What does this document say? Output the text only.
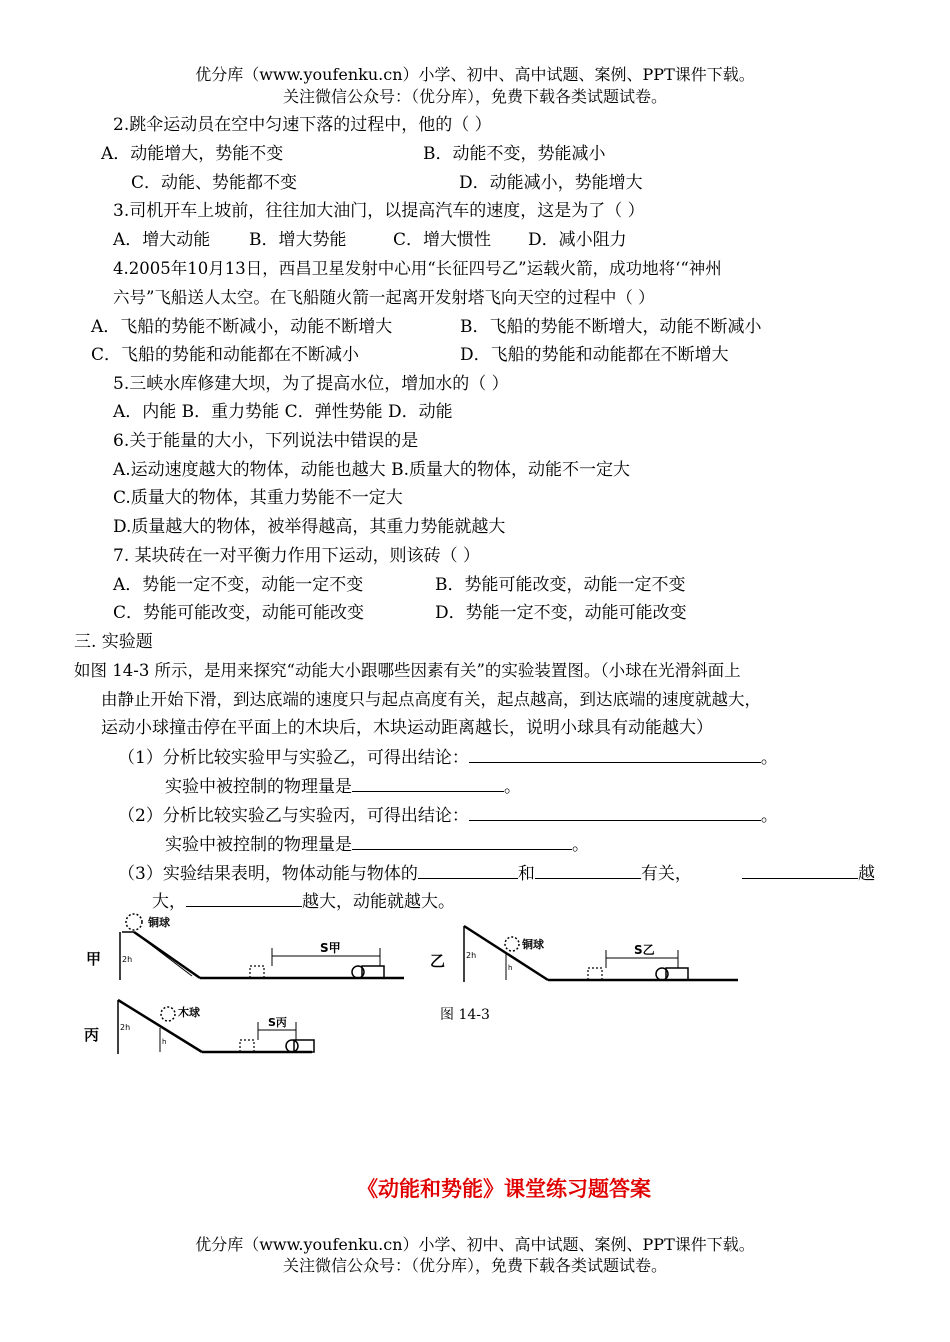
优分库（www.youfenku.cn）小学、初中、高中试题、案例、PPT课件下载。
关注微信公众号：（优分库），免费下载各类试题试卷。
2.跳伞运动员在空中匀速下落的过程中，他的（ ）
A．动能增大，势能不变	B．动能不变，势能减小
C．动能、势能都不变	D．动能减小，势能增大
3.司机开车上坡前，往往加大油门，以提高汽车的速度，这是为了（ ）
A．增大动能 B．增大势能	C．增大惯性 D．减小阻力
4.2005年10月13日，西昌卫星发射中心用“长征四号乙”运载火箭，成功地将‘“神州
六号”飞船送人太空。在飞船随火箭一起离开发射塔飞向天空的过程中（ ）
A．飞船的势能不断减小，动能不断增大	B．飞船的势能不断增大，动能不断减小
C．飞船的势能和动能都在不断减小	D．飞船的势能和动能都在不断增大
5.三峡水库修建大坝，为了提高水位，增加水的（ ）
A．内能 B．重力势能 C．弹性势能 D．动能
6.关于能量的大小，下列说法中错误的是
A.运动速度越大的物体，动能也越大 B.质量大的物体，动能不一定大
C.质量大的物体，其重力势能不一定大
D.质量越大的物体，被举得越高，其重力势能就越大
7. 某块砖在一对平衡力作用下运动，则该砖（ ）
A．势能一定不变，动能一定不变	B．势能可能改变，动能一定不变
C．势能可能改变，动能可能改变	D．势能一定不变，动能可能改变
三. 实验题
如图 14-3 所示，是用来探究“动能大小跟哪些因素有关”的实验装置图。（小球在光滑斜面上
由静止开始下滑，到达底端的速度只与起点高度有关，起点越高，到达底端的速度就越大，
运动小球撞击停在平面上的木块后，木块运动距离越长，说明小球具有动能越大）
（1）分析比较实验甲与实验乙，可得出结论：	。
实验中被控制的物理量是	。
（2）分析比较实验乙与实验丙，可得出结论：	。
实验中被控制的物理量是	。
（3）实验结果表明，物体动能与物体的	和	有关，	越
大，	越大，动能就越大。
甲	2h
铜球
S甲
乙	2h
h
铜球	S乙
图 14-3
丙	2h
h
木球
S丙
《动能和势能》课堂练习题答案
优分库（www.youfenku.cn）小学、初中、高中试题、案例、PPT课件下载。
关注微信公众号：（优分库），免费下载各类试题试卷。
